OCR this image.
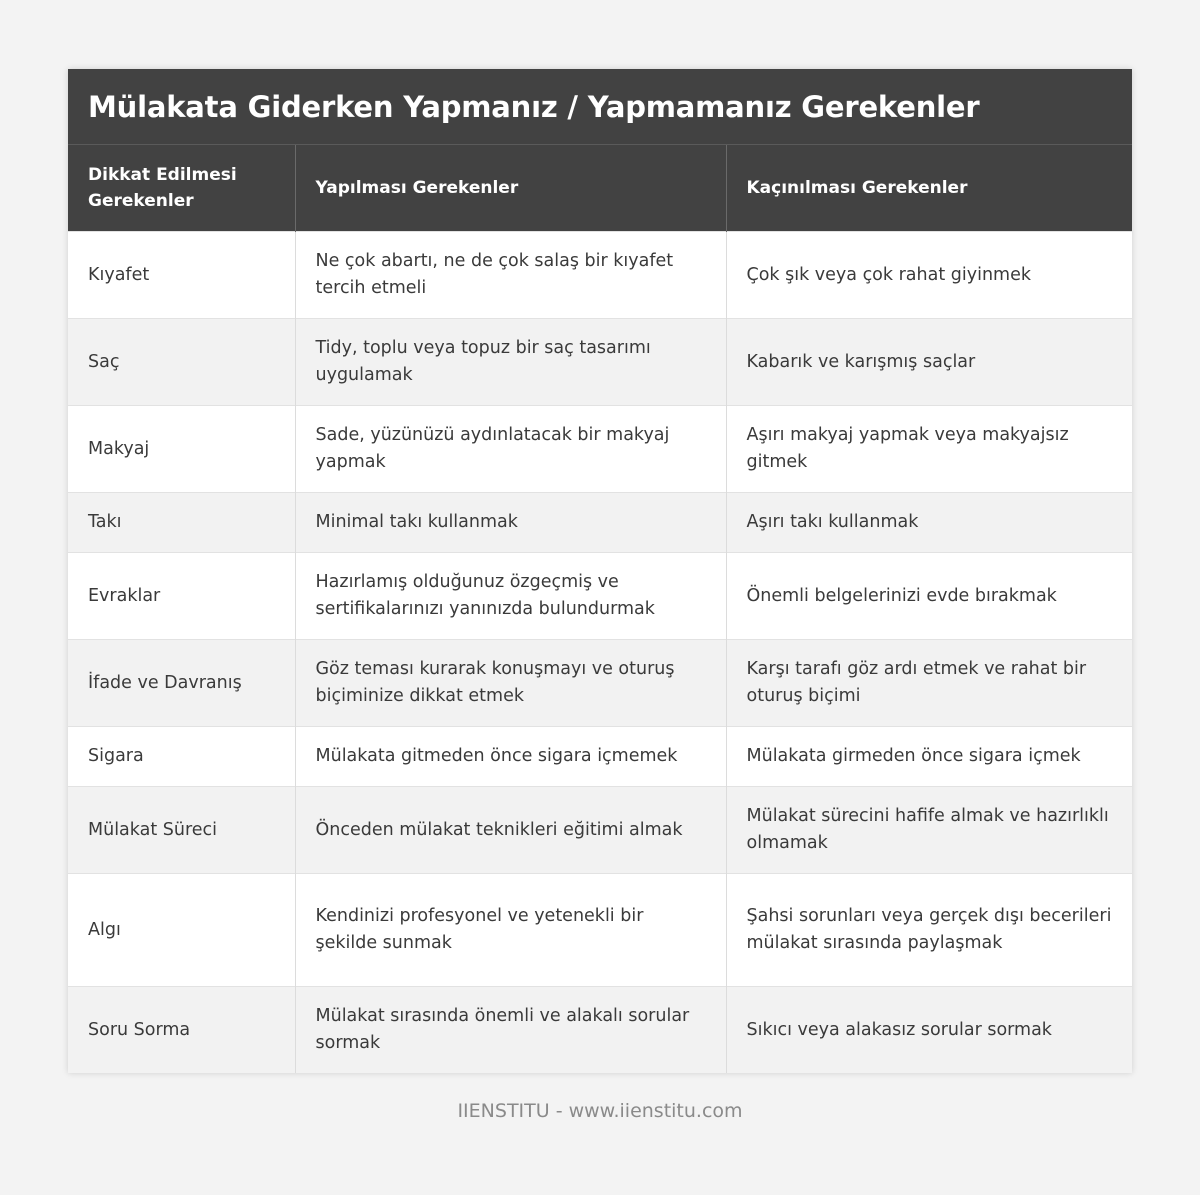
Mülakata Giderken Yapmanız / Yapmamanız Gerekenler
Dikkat Edilmesi Gerekenler	Yapılması Gerekenler	Kaçınılması Gerekenler
Kıyafet	Ne çok abartı, ne de çok salaş bir kıyafet tercih etmeli	Çok şık veya çok rahat giyinmek
Saç	Tidy, toplu veya topuz bir saç tasarımı uygulamak	Kabarık ve karışmış saçlar
Makyaj	Sade, yüzünüzü aydınlatacak bir makyaj yapmak	Aşırı makyaj yapmak veya makyajsız gitmek
Takı	Minimal takı kullanmak	Aşırı takı kullanmak
Evraklar	Hazırlamış olduğunuz özgeçmiş ve sertifikalarınızı yanınızda bulundurmak	Önemli belgelerinizi evde bırakmak
İfade ve Davranış	Göz teması kurarak konuşmayı ve oturuş biçiminize dikkat etmek	Karşı tarafı göz ardı etmek ve rahat bir oturuş biçimi
Sigara	Mülakata gitmeden önce sigara içmemek	Mülakata girmeden önce sigara içmek
Mülakat Süreci	Önceden mülakat teknikleri eğitimi almak	Mülakat sürecini hafife almak ve hazırlıklı olmamak
Algı	Kendinizi profesyonel ve yetenekli bir şekilde sunmak	Şahsi sorunları veya gerçek dışı becerileri mülakat sırasında paylaşmak
Soru Sorma	Mülakat sırasında önemli ve alakalı sorular sormak	Sıkıcı veya alakasız sorular sormak
IIENSTITU - www.iienstitu.com
